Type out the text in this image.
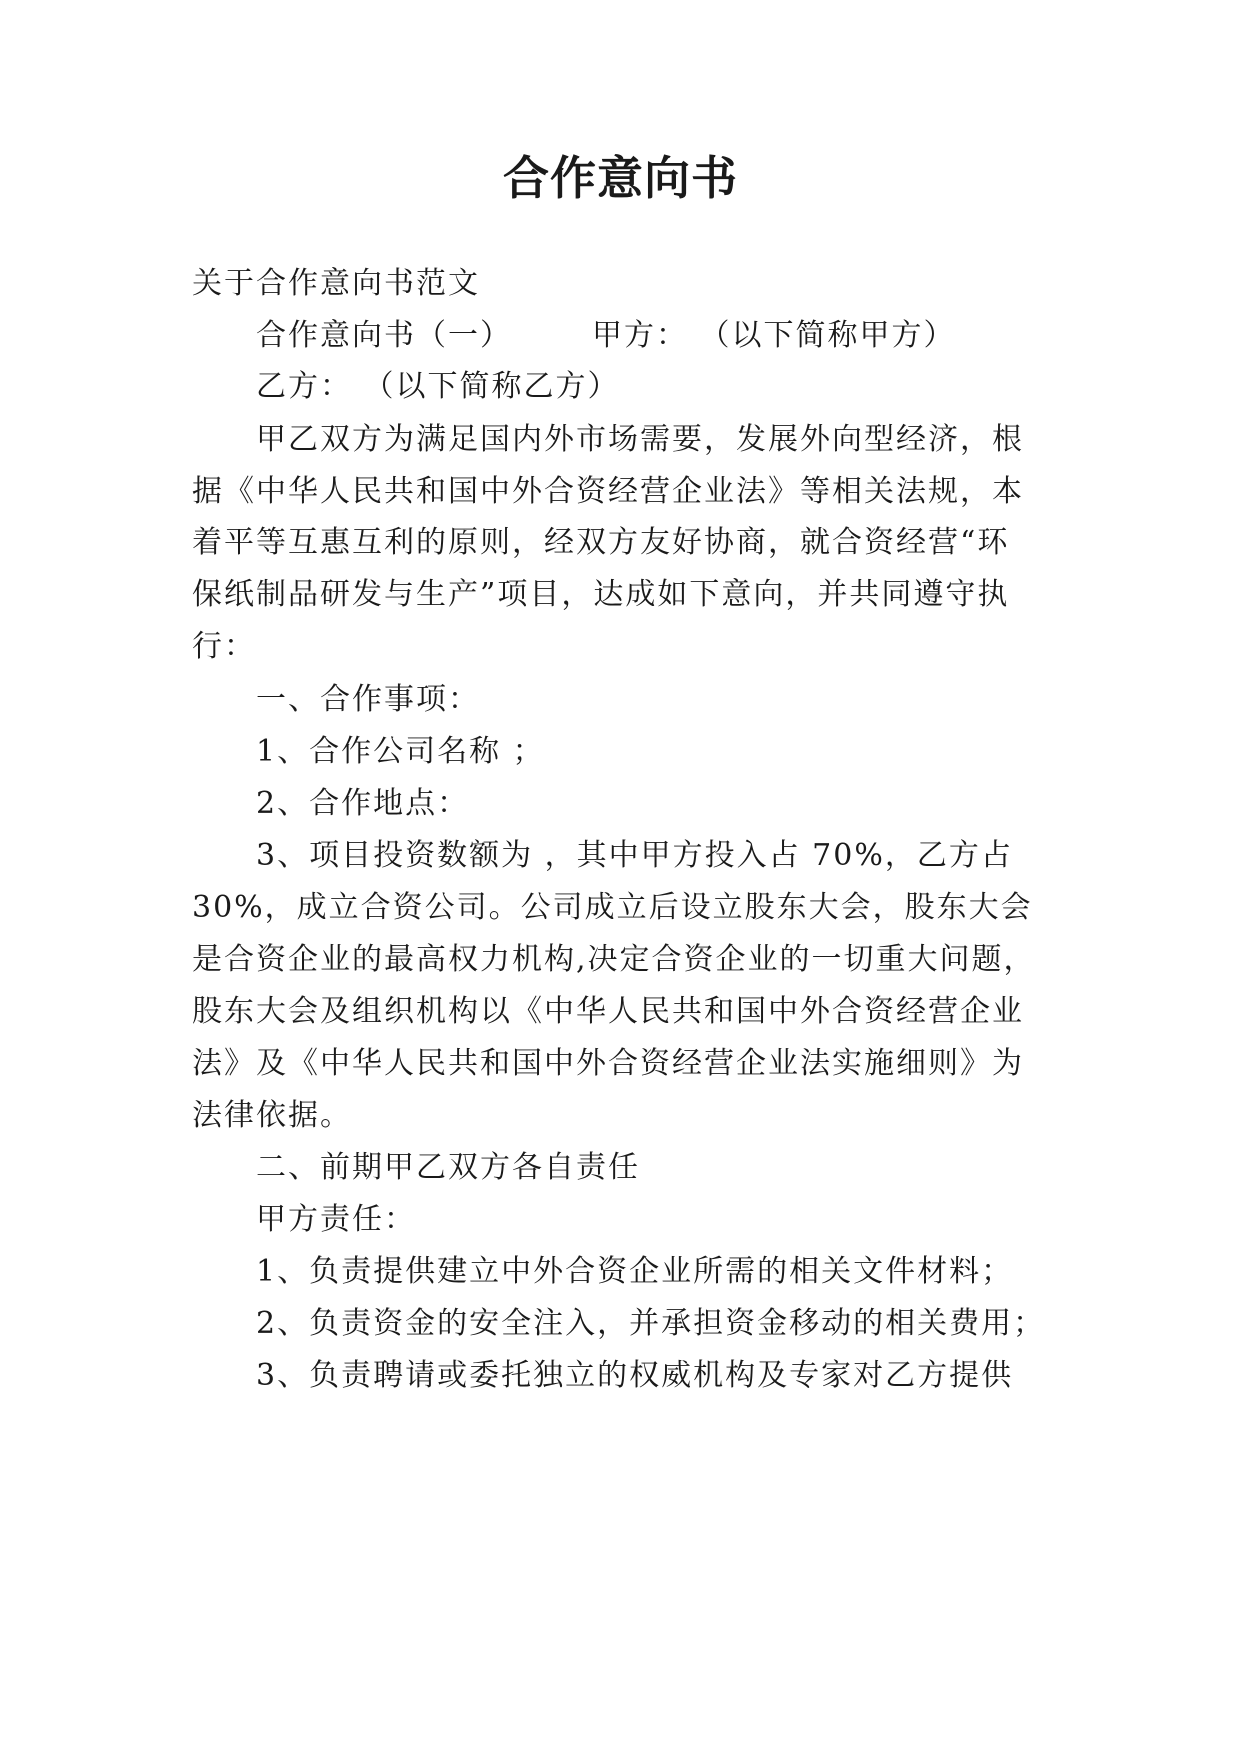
合作意向书
关于合作意向书范文
合作意向书（一）	甲方： （以下简称甲方）
乙方： （以下简称乙方）
甲乙双方为满足国内外市场需要，发展外向型经济，根
据《中华人民共和国中外合资经营企业法》等相关法规，本
着平等互惠互利的原则，经双方友好协商，就合资经营“环
保纸制品研发与生产”项目，达成如下意向，并共同遵守执
行：
一、合作事项：
1、合作公司名称 ；
2、合作地点：
3、项目投资数额为 ，其中甲方投入占 70%，乙方占
30%，成立合资公司。公司成立后设立股东大会，股东大会
是合资企业的最高权力机构,决定合资企业的一切重大问题，
股东大会及组织机构以《中华人民共和国中外合资经营企业
法》及《中华人民共和国中外合资经营企业法实施细则》为
法律依据。
二、前期甲乙双方各自责任
甲方责任：
1、负责提供建立中外合资企业所需的相关文件材料；
2、负责资金的安全注入，并承担资金移动的相关费用；
3、负责聘请或委托独立的权威机构及专家对乙方提供
